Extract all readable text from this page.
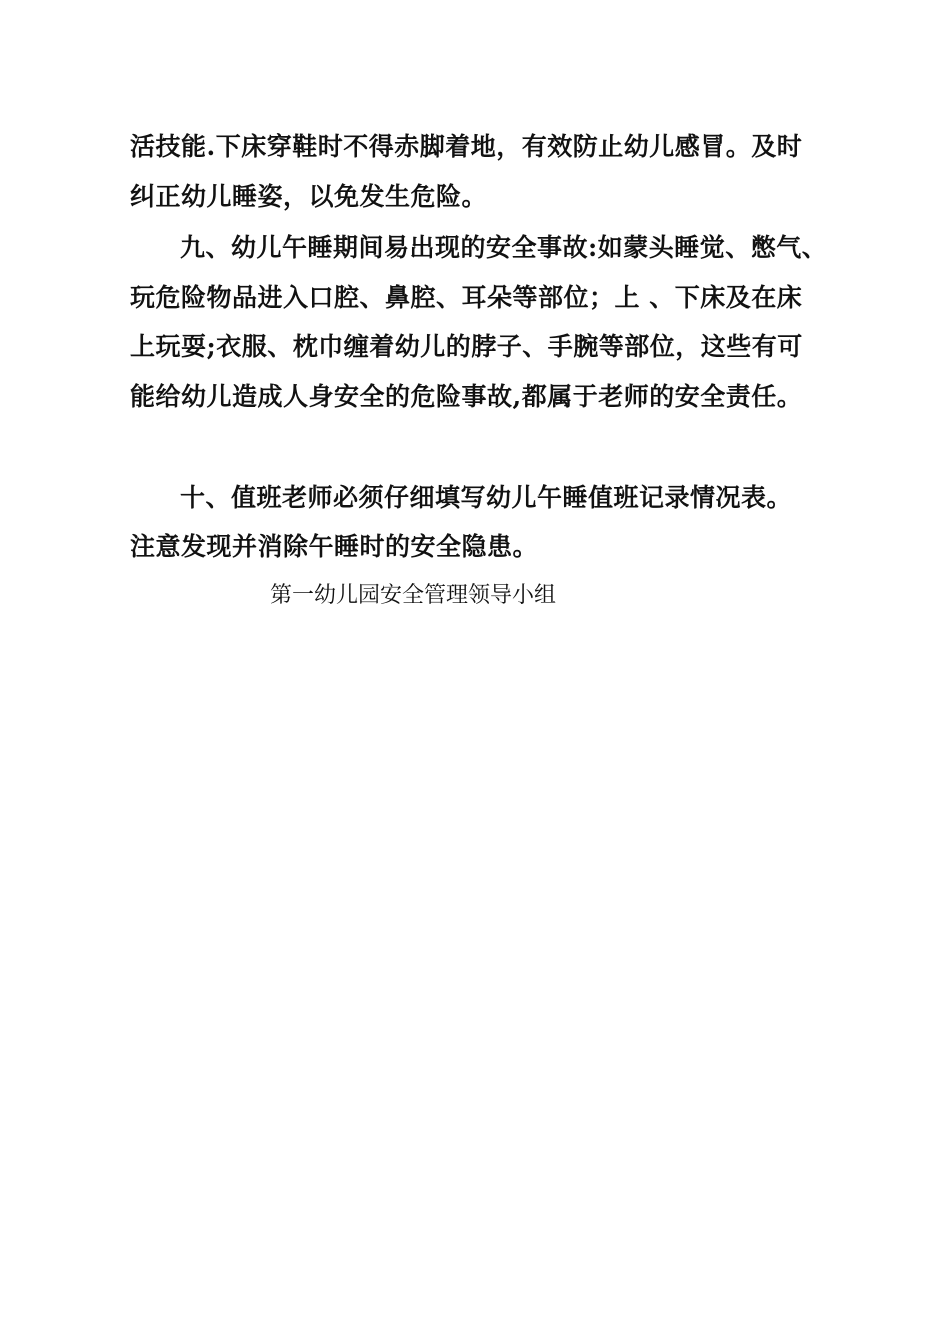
活技能.下床穿鞋时不得赤脚着地，有效防止幼儿感冒。及时
纠正幼儿睡姿，以免发生危险。
九、幼儿午睡期间易出现的安全事故:如蒙头睡觉、憋气、
玩危险物品进入口腔、鼻腔、耳朵等部位；上 、下床及在床
上玩耍;衣服、枕巾缠着幼儿的脖子、手腕等部位，这些有可
能给幼儿造成人身安全的危险事故,都属于老师的安全责任。
十、值班老师必须仔细填写幼儿午睡值班记录情况表。
注意发现并消除午睡时的安全隐患。
第一幼儿园安全管理领导小组
